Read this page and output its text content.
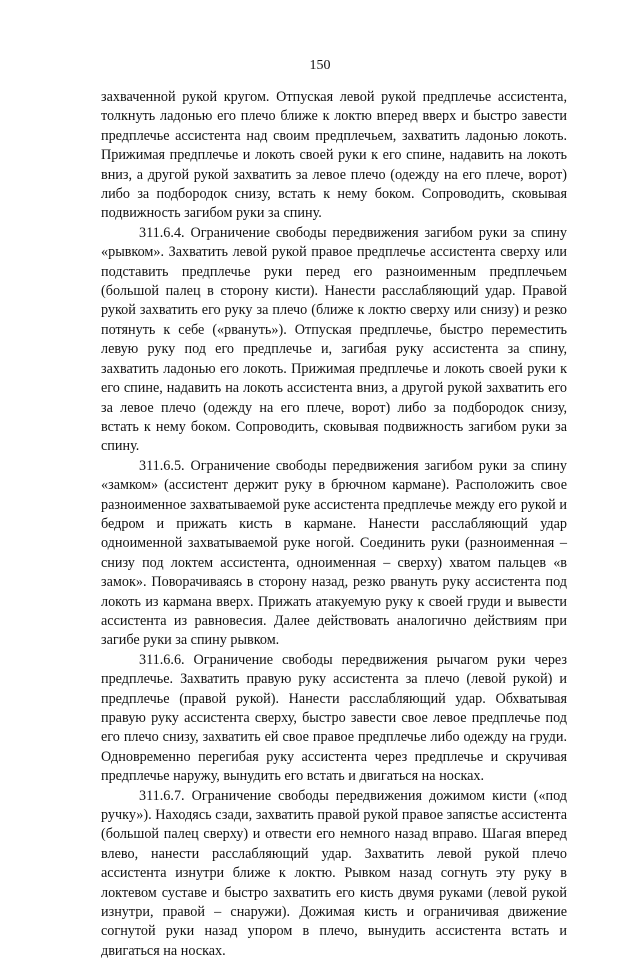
150

захваченной рукой кругом. Отпуская левой рукой предплечье ассистента, толкнуть ладонью его плечо ближе к локтю вперед вверх и быстро завести предплечье ассистента над своим предплечьем, захватить ладонью локоть. Прижимая предплечье и локоть своей руки к его спине, надавить на локоть вниз, а другой рукой захватить за левое плечо (одежду на его плече, ворот) либо за подбородок снизу, встать к нему боком. Сопроводить, сковывая подвижность загибом руки за спину.

311.6.4. Ограничение свободы передвижения загибом руки за спину «рывком». Захватить левой рукой правое предплечье ассистента сверху или подставить предплечье руки перед его разноименным предплечьем (большой палец в сторону кисти). Нанести расслабляющий удар. Правой рукой захватить его руку за плечо (ближе к локтю сверху или снизу) и резко потянуть к себе («рвануть»). Отпуская предплечье, быстро переместить левую руку под его предплечье и, загибая руку ассистента за спину, захватить ладонью его локоть. Прижимая предплечье и локоть своей руки к его спине, надавить на локоть ассистента вниз, а другой рукой захватить его за левое плечо (одежду на его плече, ворот) либо за подбородок снизу, встать к нему боком. Сопроводить, сковывая подвижность загибом руки за спину.

311.6.5. Ограничение свободы передвижения загибом руки за спину «замком» (ассистент держит руку в брючном кармане). Расположить свое разноименное захватываемой руке ассистента предплечье между его рукой и бедром и прижать кисть в кармане. Нанести расслабляющий удар одноименной захватываемой руке ногой. Соединить руки (разноименная – снизу под локтем ассистента, одноименная – сверху) хватом пальцев «в замок». Поворачиваясь в сторону назад, резко рвануть руку ассистента под локоть из кармана вверх. Прижать атакуемую руку к своей груди и вывести ассистента из равновесия. Далее действовать аналогично действиям при загибе руки за спину рывком.

311.6.6. Ограничение свободы передвижения рычагом руки через предплечье. Захватить правую руку ассистента за плечо (левой рукой) и предплечье (правой рукой). Нанести расслабляющий удар. Обхватывая правую руку ассистента сверху, быстро завести свое левое предплечье под его плечо снизу, захватить ей свое правое предплечье либо одежду на груди. Одновременно перегибая руку ассистента через предплечье и скручивая предплечье наружу, вынудить его встать и двигаться на носках.

311.6.7. Ограничение свободы передвижения дожимом кисти («под ручку»). Находясь сзади, захватить правой рукой правое запястье ассистента (большой палец сверху) и отвести его немного назад вправо. Шагая вперед влево, нанести расслабляющий удар. Захватить левой рукой плечо ассистента изнутри ближе к локтю. Рывком назад согнуть эту руку в локтевом суставе и быстро захватить его кисть двумя руками (левой рукой изнутри, правой – снаружи). Дожимая кисть и ограничивая движение согнутой руки назад упором в плечо, вынудить ассистента встать и двигаться на носках.
